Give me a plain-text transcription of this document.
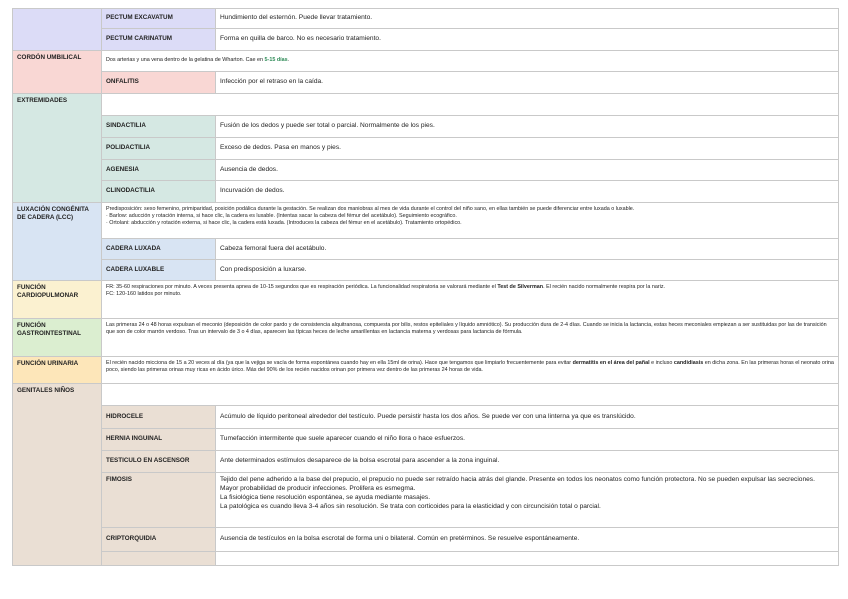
	PECTUM EXCAVATUM	Hundimiento del esternón. Puede llevar tratamiento.
	PECTUM CARINATUM	Forma en quilla de barco. No es necesario tratamiento.
CORDÓN UMBILICAL	Dos arterias y una vena dentro de la gelatina de Wharton. Cae en 5-15 días.	
	ONFALITIS	Infección por el retraso en la caída.
EXTREMIDADES		
	SINDACTILIA	Fusión de los dedos y puede ser total o parcial. Normalmente de los pies.
	POLIDACTILIA	Exceso de dedos. Pasa en manos y pies.
	AGENESIA	Ausencia de dedos.
	CLINODACTILIA	Incurvación de dedos.
LUXACIÓN CONGÉNITA DE CADERA (LCC)	Predisposición: sexo femenino, primiparidad, posición podálica durante la gestación. Se realizan dos maniobras al mes de vida durante el control del niño sano, en ellas también se puede diferenciar entre luxada o luxable.
· Barlow: aducción y rotación interna, si hace clic, la cadera es luxable. (Intentas sacar la cabeza del fémur del acetábulo). Seguimiento ecográfico.
· Ortolani: abducción y rotación externa, si hace clic, la cadera está luxada. (Introduces la cabeza del fémur en el acetábulo). Tratamiento ortopédico.	

	CADERA LUXADA	Cabeza femoral fuera del acetábulo.
	CADERA LUXABLE	Con predisposición a luxarse.
FUNCIÓN CARDIOPULMONAR	FR: 35-60 respiraciones por minuto. A veces presenta apnea de 10-15 segundos que es respiración periódica. La funcionalidad respiratoria se valorará mediante el Test de Silverman. El recién nacido normalmente respira por la nariz.
FC: 120-160 latidos por minuto.	

FUNCIÓN GASTROINTESTINAL	Las primeras 24 o 48 horas expulsan el meconio (deposición de color pardo y de consistencia alquitranosa, compuesta por bilis, restos epiteliales y líquido amniótico). Su producción dura de 2-4 días. Cuando se inicia la lactancia, estas heces meconiales empiezan a ser sustituidas por las de transición que son de color marrón verdoso. Tras un intervalo de 3 o 4 días, aparecen las típicas heces de leche amarillentas en lactancia materna y verdosas para lactancia de fórmula.	
FUNCIÓN URINARIA	El recién nacido micciona de 15 a 20 veces al día (ya que la vejiga se vacía de forma espontánea cuando hay en ella 15ml de orina). Hace que tengamos que limpiarlo frecuentemente para evitar dermatitis en el área del pañal e incluso candidiasis en dicha zona. En las primeras horas el neonato orina poco, siendo las primeras orinas muy ricas en ácido úrico. Más del 90% de los recién nacidos orinan por primera vez dentro de las primeras 24 horas de vida.	
GENITALES NIÑOS		
	HIDROCELE	Acúmulo de líquido peritoneal alrededor del testículo. Puede persistir hasta los dos años. Se puede ver con una linterna ya que es translúcido.
	HERNIA INGUINAL	Tumefacción intermitente que suele aparecer cuando el niño llora o hace esfuerzos.
	TESTICULO EN ASCENSOR	Ante determinados estímulos desaparece de la bolsa escrotal para ascender a la zona inguinal.
	FIMOSIS	Tejido del pene adherido a la base del prepucio, el prepucio no puede ser retraído hacia atrás del glande. Presente en todos los neonatos como función protectora. No se pueden expulsar las secreciones. Mayor probabilidad de producir infecciones. Prolifera es esmegma.
La fisiológica tiene resolución espontánea, se ayuda mediante masajes.
La patológica es cuando lleva 3-4 años sin resolución. Se trata con corticoides para la elasticidad y con circuncisión total o parcial.

	CRIPTORQUIDIA	Ausencia de testículos en la bolsa escrotal de forma uni o bilateral. Común en pretérminos. Se resuelve espontáneamente.
